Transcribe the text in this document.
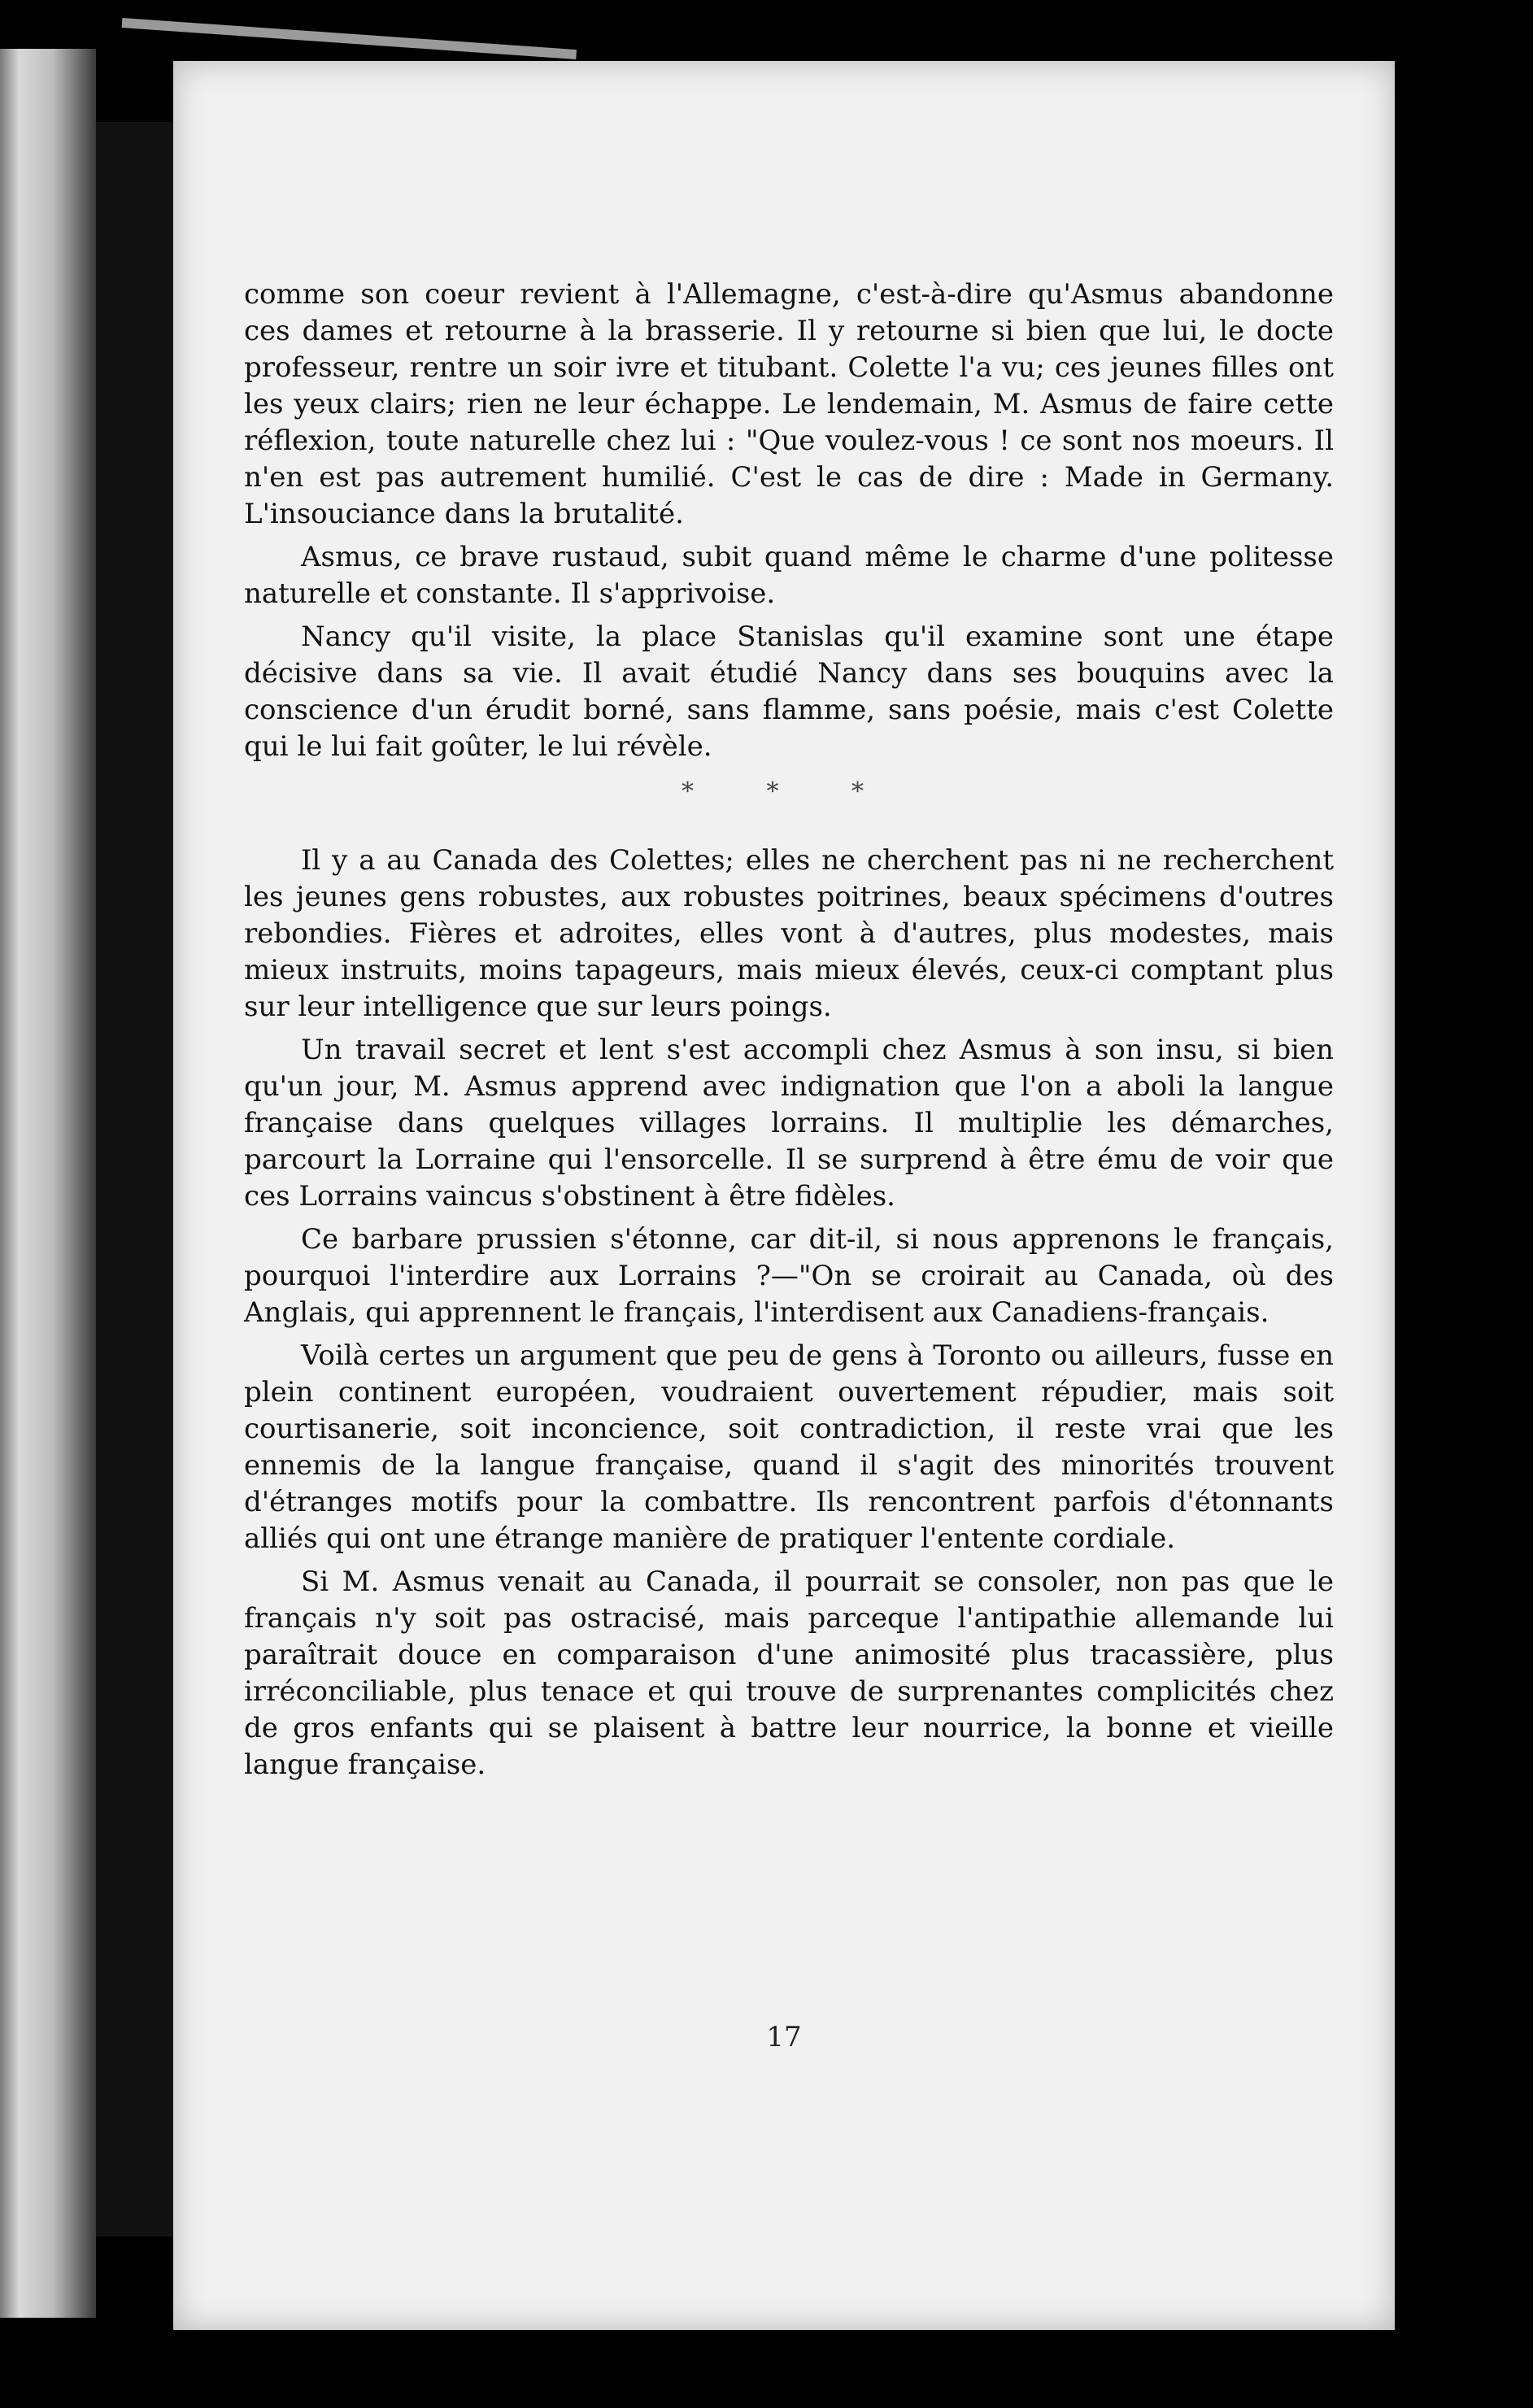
comme son coeur revient à l'Allemagne, c'est-à-dire qu'Asmus abandonne ces dames et retourne à la brasserie. Il y retourne si bien que lui, le docte professeur, rentre un soir ivre et titubant. Colette l'a vu; ces jeunes filles ont les yeux clairs; rien ne leur échappe. Le lendemain, M. Asmus de faire cette réflexion, toute naturelle chez lui : "Que voulez-vous ! ce sont nos moeurs. Il n'en est pas autrement humilié. C'est le cas de dire : Made in Germany. L'insouciance dans la brutalité.

Asmus, ce brave rustaud, subit quand même le charme d'une politesse naturelle et constante. Il s'apprivoise.

Nancy qu'il visite, la place Stanislas qu'il examine sont une étape décisive dans sa vie. Il avait étudié Nancy dans ses bouquins avec la conscience d'un érudit borné, sans flamme, sans poésie, mais c'est Colette qui le lui fait goûter, le lui révèle.

* * *

Il y a au Canada des Colettes; elles ne cherchent pas ni ne recherchent les jeunes gens robustes, aux robustes poitrines, beaux spécimens d'outres rebondies. Fières et adroites, elles vont à d'autres, plus modestes, mais mieux instruits, moins tapageurs, mais mieux élevés, ceux-ci comptant plus sur leur intelligence que sur leurs poings.

Un travail secret et lent s'est accompli chez Asmus à son insu, si bien qu'un jour, M. Asmus apprend avec indignation que l'on a aboli la langue française dans quelques villages lorrains. Il multiplie les démarches, parcourt la Lorraine qui l'ensorcelle. Il se surprend à être ému de voir que ces Lorrains vaincus s'obstinent à être fidèles.

Ce barbare prussien s'étonne, car dit-il, si nous apprenons le français, pourquoi l'interdire aux Lorrains ?—"On se croirait au Canada, où des Anglais, qui apprennent le français, l'interdisent aux Canadiens-français.

Voilà certes un argument que peu de gens à Toronto ou ailleurs, fusse en plein continent européen, voudraient ouvertement répudier, mais soit courtisanerie, soit inconcience, soit contradiction, il reste vrai que les ennemis de la langue française, quand il s'agit des minorités trouvent d'étranges motifs pour la combattre. Ils rencontrent parfois d'étonnants alliés qui ont une étrange manière de pratiquer l'entente cordiale.

Si M. Asmus venait au Canada, il pourrait se consoler, non pas que le français n'y soit pas ostracisé, mais parceque l'antipathie allemande lui paraîtrait douce en comparaison d'une animosité plus tracassière, plus irréconciliable, plus tenace et qui trouve de surprenantes complicités chez de gros enfants qui se plaisent à battre leur nourrice, la bonne et vieille langue française.

17
